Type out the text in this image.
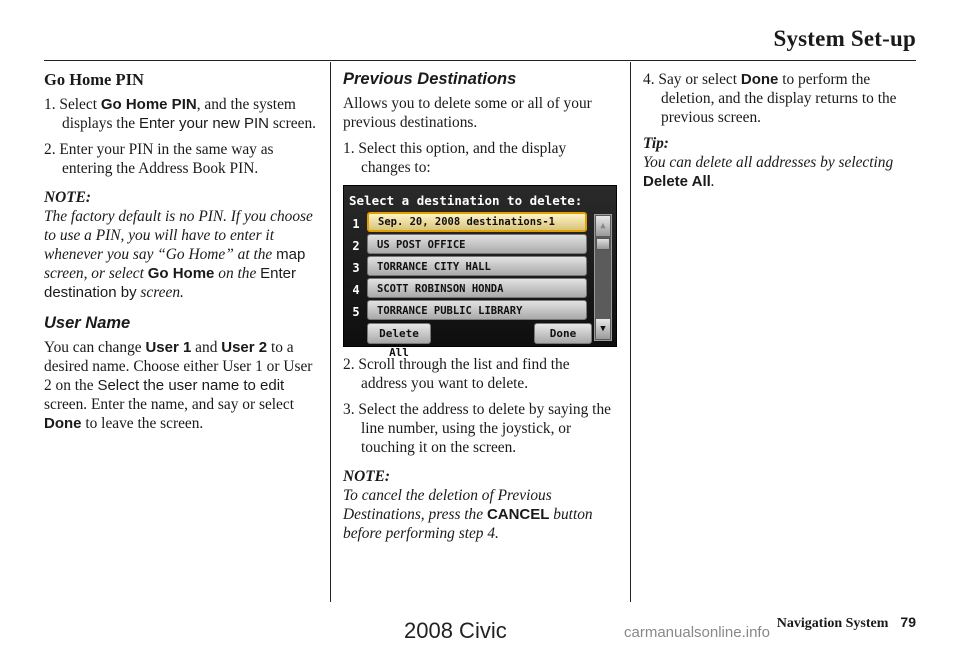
System Set-up
Go Home PIN
1. Select Go Home PIN, and the system displays the Enter your new PIN screen.
2. Enter your PIN in the same way as entering the Address Book PIN.
NOTE:

The factory default is no PIN. If you choose to use a PIN, you will have to enter it whenever you say “Go Home” at the map screen, or select Go Home on the Enter destination by screen.

User Name

You can change User 1 and User 2 to a desired name. Choose either User 1 or User 2 on the Select the user name to edit screen. Enter the name, and say or select Done to leave the screen.

Previous Destinations

Allows you to delete some or all of your previous destinations.

1. Select this option, and the display changes to:
Select a destination to delete:
1	Sep. 20, 2008 destinations-1
2	US POST OFFICE
3	TORRANCE CITY HALL
4	SCOTT ROBINSON HONDA
5	TORRANCE PUBLIC LIBRARY
▲
▼
Delete All
Done
2. Scroll through the list and find the address you want to delete.
3. Select the address to delete by saying the line number, using the joystick, or touching it on the screen.
NOTE:

To cancel the deletion of Previous Destinations, press the CANCEL button before performing step 4.

4. Say or select Done to perform the deletion, and the display returns to the previous screen.
Tip:

You can delete all addresses by selecting Delete All.

Navigation System 79
2008 Civic	carmanualsonline.info
